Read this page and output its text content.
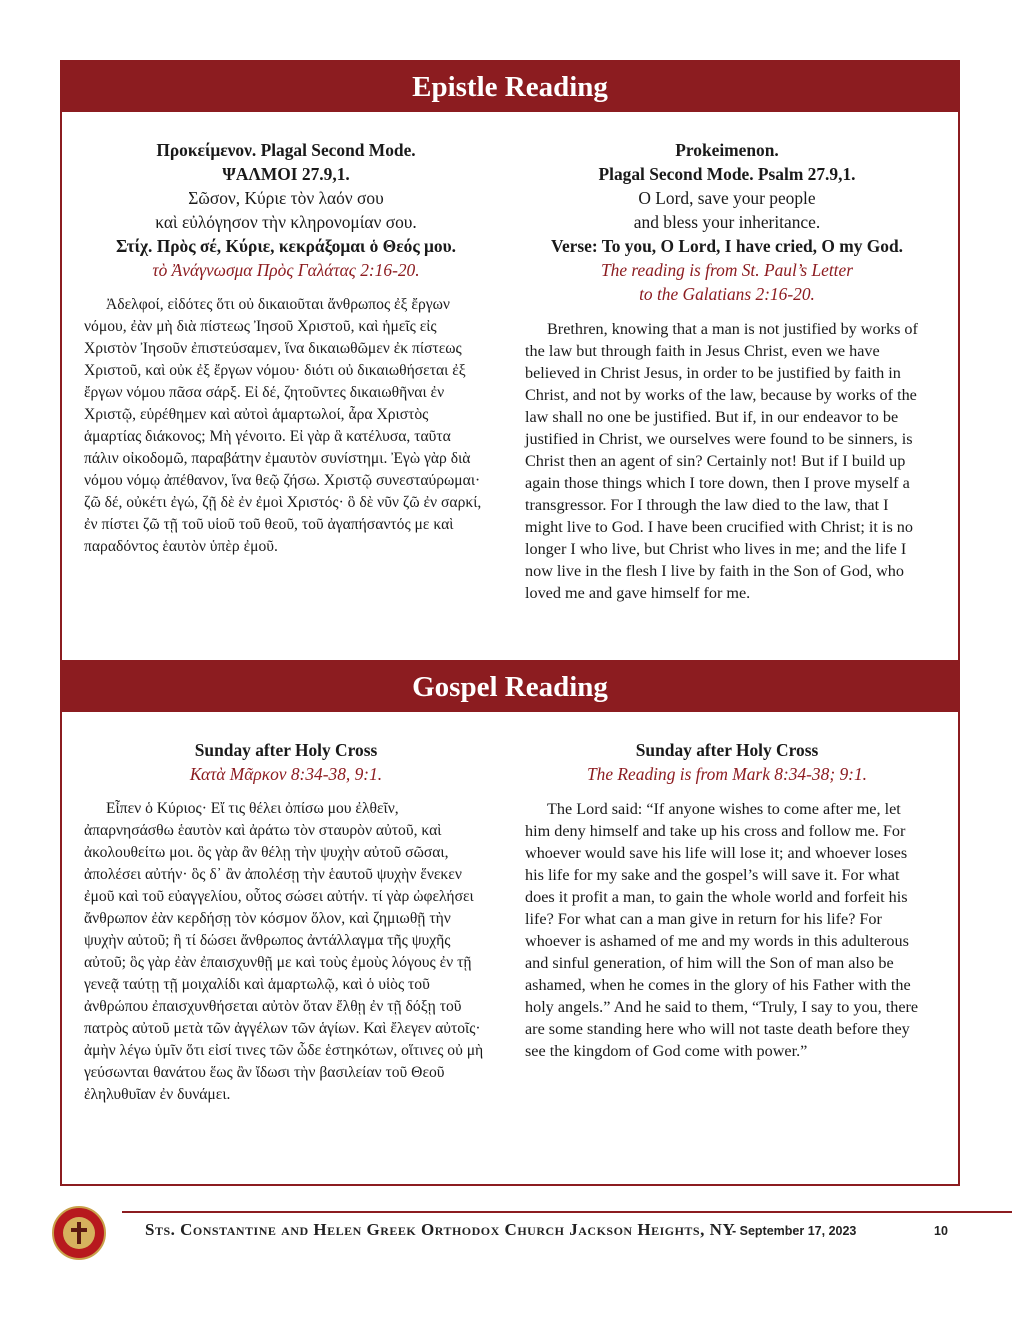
Epistle Reading
Προκείμενον. Plagal Second Mode.
ΨΑΛΜΟΙ 27.9,1.
Σῶσον, Κύριε τὸν λαόν σου
καὶ εὐλόγησον τὴν κληρονομίαν σου.
Στίχ. Πρὸς σέ, Κύριε, κεκράξομαι ὁ Θεός μου.
τὸ Ἀνάγνωσμα Πρὸς Γαλάτας 2:16-20.
Ἀδελφοί, εἰδότες ὅτι οὐ δικαιοῦται ἄνθρωπος ἐξ ἔργων νόμου, ἐὰν μὴ διὰ πίστεως Ἰησοῦ Χριστοῦ, καὶ ἡμεῖς εἰς Χριστὸν Ἰησοῦν ἐπιστεύσαμεν, ἵνα δικαιωθῶμεν ἐκ πίστεως Χριστοῦ, καὶ οὐκ ἐξ ἔργων νόμου· διότι οὐ δικαιωθήσεται ἐξ ἔργων νόμου πᾶσα σάρξ. Εἰ δέ, ζητοῦντες δικαιωθῆναι ἐν Χριστῷ, εὑρέθημεν καὶ αὐτοὶ ἁμαρτωλοί, ἆρα Χριστὸς ἁμαρτίας διάκονος; Μὴ γένοιτο. Εἰ γὰρ ἃ κατέλυσα, ταῦτα πάλιν οἰκοδομῶ, παραβάτην ἐμαυτὸν συνίστημι. Ἐγὼ γὰρ διὰ νόμου νόμῳ ἀπέθανον, ἵνα θεῷ ζήσω. Χριστῷ συνεσταύρωμαι· ζῶ δέ, οὐκέτι ἐγώ, ζῇ δὲ ἐν ἐμοὶ Χριστός· ὃ δὲ νῦν ζῶ ἐν σαρκί, ἐν πίστει ζῶ τῇ τοῦ υἱοῦ τοῦ θεοῦ, τοῦ ἀγαπήσαντός με καὶ παραδόντος ἑαυτὸν ὑπὲρ ἐμοῦ.
Prokeimenon.
Plagal Second Mode. Psalm 27.9,1.
O Lord, save your people
and bless your inheritance.
Verse: To you, O Lord, I have cried, O my God.
The reading is from St. Paul’s Letter
to the Galatians 2:16-20.
Brethren, knowing that a man is not justified by works of the law but through faith in Jesus Christ, even we have believed in Christ Jesus, in order to be justified by faith in Christ, and not by works of the law, because by works of the law shall no one be justified. But if, in our endeavor to be justified in Christ, we ourselves were found to be sinners, is Christ then an agent of sin? Certainly not! But if I build up again those things which I tore down, then I prove myself a transgressor. For I through the law died to the law, that I might live to God. I have been crucified with Christ; it is no longer I who live, but Christ who lives in me; and the life I now live in the flesh I live by faith in the Son of God, who loved me and gave himself for me.
Gospel Reading
Sunday after Holy Cross
Κατὰ Μᾶρκον 8:34-38, 9:1.
Εἶπεν ὁ Κύριος· Εἴ τις θέλει ὀπίσω μου ἐλθεῖν, ἀπαρνησάσθω ἑαυτὸν καὶ ἀράτω τὸν σταυρὸν αὐτοῦ, καὶ ἀκολουθείτω μοι. ὃς γὰρ ἂν θέλῃ τὴν ψυχὴν αὐτοῦ σῶσαι, ἀπολέσει αὐτήν· ὃς δ᾽ ἂν ἀπολέσῃ τὴν ἑαυτοῦ ψυχὴν ἕνεκεν ἐμοῦ καὶ τοῦ εὐαγγελίου, οὗτος σώσει αὐτήν. τί γὰρ ὠφελήσει ἄνθρωπον ἐὰν κερδήσῃ τὸν κόσμον ὅλον, καὶ ζημιωθῇ τὴν ψυχὴν αὐτοῦ; ἢ τί δώσει ἄνθρωπος ἀντάλλαγμα τῆς ψυχῆς αὐτοῦ; ὃς γὰρ ἐὰν ἐπαισχυνθῇ με καὶ τοὺς ἐμοὺς λόγους ἐν τῇ γενεᾷ ταύτῃ τῇ μοιχαλίδι καὶ ἁμαρτωλῷ, καὶ ὁ υἱὸς τοῦ ἀνθρώπου ἐπαισχυνθήσεται αὐτὸν ὅταν ἔλθῃ ἐν τῇ δόξῃ τοῦ πατρὸς αὐτοῦ μετὰ τῶν ἀγγέλων τῶν ἁγίων. Καὶ ἔλεγεν αὐτοῖς· ἀμὴν λέγω ὑμῖν ὅτι εἰσί τινες τῶν ὧδε ἑστηκότων, οἵτινες οὐ μὴ γεύσωνται θανάτου ἕως ἂν ἴδωσι τὴν βασιλείαν τοῦ Θεοῦ ἐληλυθυῖαν ἐν δυνάμει.
Sunday after Holy Cross
The Reading is from Mark 8:34-38; 9:1.
The Lord said: “If anyone wishes to come after me, let him deny himself and take up his cross and follow me. For whoever would save his life will lose it; and whoever loses his life for my sake and the gospel’s will save it. For what does it profit a man, to gain the whole world and forfeit his life? For what can a man give in return for his life? For whoever is ashamed of me and my words in this adulterous and sinful generation, of him will the Son of man also be ashamed, when he comes in the glory of his Father with the holy angels.” And he said to them, “Truly, I say to you, there are some standing here who will not taste death before they see the kingdom of God come with power.”
Sts. Constantine and Helen Greek Orthodox Church Jackson Heights, NY
- September 17, 2023	10
